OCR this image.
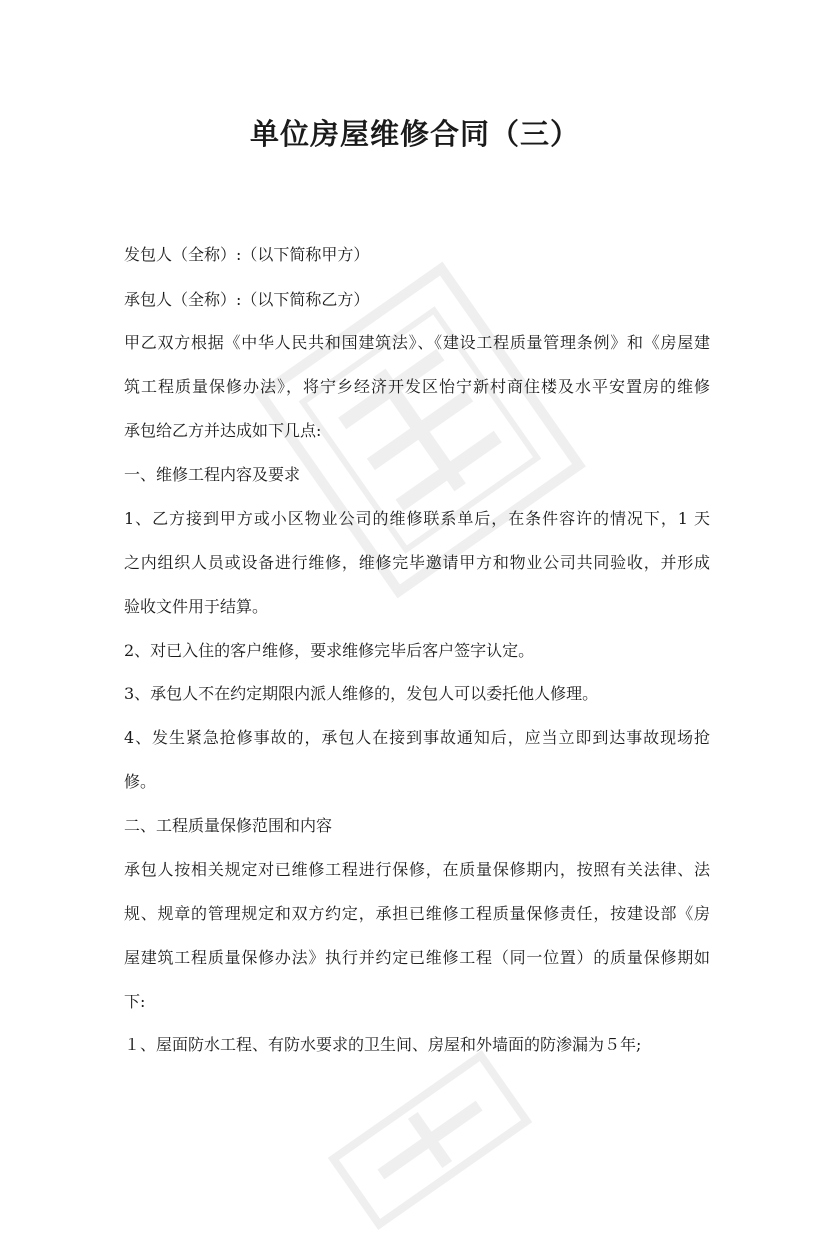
单位房屋维修合同（三）
发包人（全称）:（以下简称甲方）
承包人（全称）:（以下简称乙方）
甲乙双方根据《中华人民共和国建筑法》、《建设工程质量管理条例》和《房屋建
筑工程质量保修办法》，将宁乡经济开发区怡宁新村商住楼及水平安置房的维修
承包给乙方并达成如下几点:
一、维修工程内容及要求
1、乙方接到甲方或小区物业公司的维修联系单后，在条件容许的情况下，1 天
之内组织人员或设备进行维修，维修完毕邀请甲方和物业公司共同验收，并形成
验收文件用于结算。
2、对已入住的客户维修，要求维修完毕后客户签字认定。
3、承包人不在约定期限内派人维修的，发包人可以委托他人修理。
4、发生紧急抢修事故的，承包人在接到事故通知后，应当立即到达事故现场抢
修。
二、工程质量保修范围和内容
承包人按相关规定对已维修工程进行保修，在质量保修期内，按照有关法律、法
规、规章的管理规定和双方约定，承担已维修工程质量保修责任，按建设部《房
屋建筑工程质量保修办法》执行并约定已维修工程（同一位置）的质量保修期如
下:
１、屋面防水工程、有防水要求的卫生间、房屋和外墙面的防渗漏为５年;
